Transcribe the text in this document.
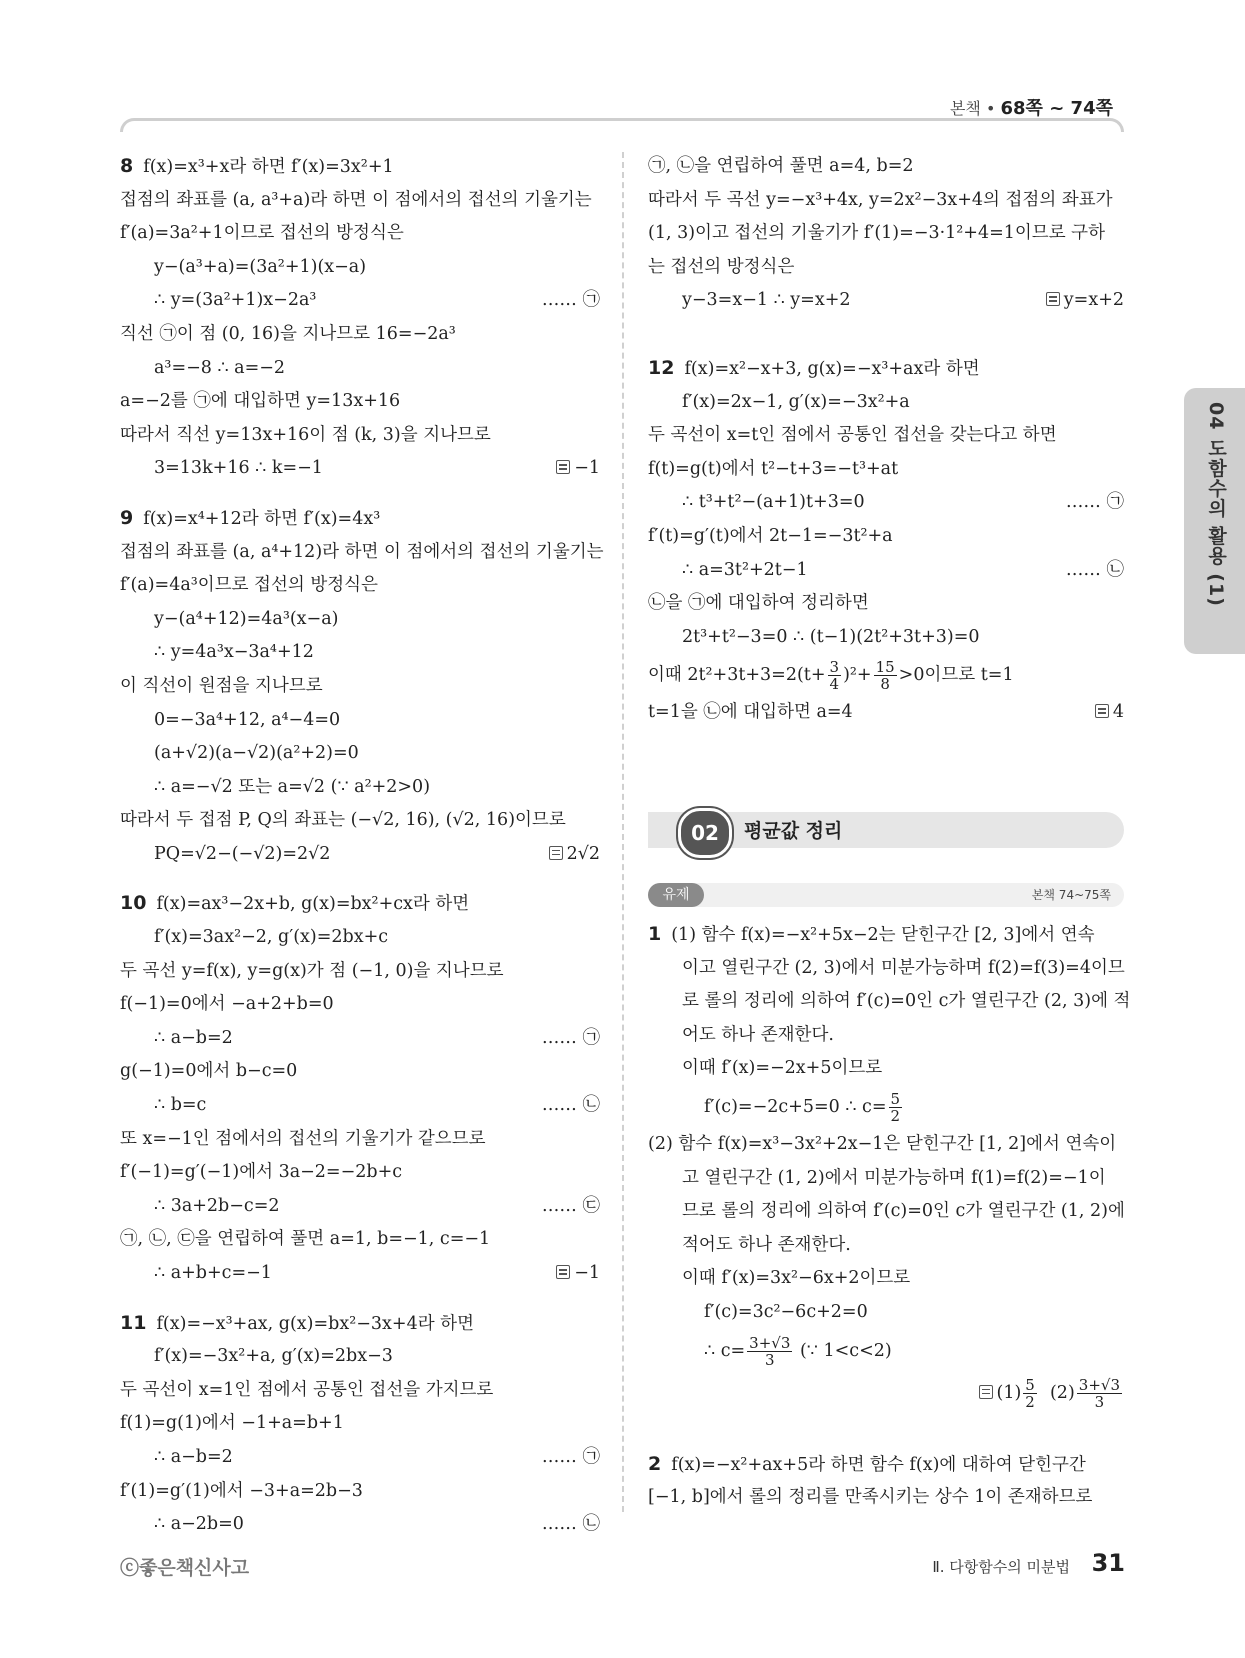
본책 • 68쪽 ~ 74쪽
04 도함수의 활용 (1)
8 f(x)=x³+x라 하면 f′(x)=3x²+1
접점의 좌표를 (a, a³+a)라 하면 이 점에서의 접선의 기울기는
f′(a)=3a²+1이므로 접선의 방정식은
y−(a³+a)=(3a²+1)(x−a)
∴ y=(3a²+1)x−2a³	…… ㉠
직선 ㉠이 점 (0, 16)을 지나므로 16=−2a³
a³=−8 ∴ a=−2
a=−2를 ㉠에 대입하면 y=13x+16
따라서 직선 y=13x+16이 점 (k, 3)을 지나므로
3=13k+16 ∴ k=−1	−1
9 f(x)=x⁴+12라 하면 f′(x)=4x³
접점의 좌표를 (a, a⁴+12)라 하면 이 점에서의 접선의 기울기는
f′(a)=4a³이므로 접선의 방정식은
y−(a⁴+12)=4a³(x−a)
∴ y=4a³x−3a⁴+12
이 직선이 원점을 지나므로
0=−3a⁴+12, a⁴−4=0
(a+√2)(a−√2)(a²+2)=0
∴ a=−√2 또는 a=√2 (∵ a²+2>0)
따라서 두 접점 P, Q의 좌표는 (−√2, 16), (√2, 16)이므로
PQ=√2−(−√2)=2√2	2√2
10 f(x)=ax³−2x+b, g(x)=bx²+cx라 하면
f′(x)=3ax²−2, g′(x)=2bx+c
두 곡선 y=f(x), y=g(x)가 점 (−1, 0)을 지나므로
f(−1)=0에서 −a+2+b=0
∴ a−b=2	…… ㉠
g(−1)=0에서 b−c=0
∴ b=c	…… ㉡
또 x=−1인 점에서의 접선의 기울기가 같으므로
f′(−1)=g′(−1)에서 3a−2=−2b+c
∴ 3a+2b−c=2	…… ㉢
㉠, ㉡, ㉢을 연립하여 풀면 a=1, b=−1, c=−1
∴ a+b+c=−1	−1
11 f(x)=−x³+ax, g(x)=bx²−3x+4라 하면
f′(x)=−3x²+a, g′(x)=2bx−3
두 곡선이 x=1인 점에서 공통인 접선을 가지므로
f(1)=g(1)에서 −1+a=b+1
∴ a−b=2	…… ㉠
f′(1)=g′(1)에서 −3+a=2b−3
∴ a−2b=0	…… ㉡
㉠, ㉡을 연립하여 풀면 a=4, b=2
따라서 두 곡선 y=−x³+4x, y=2x²−3x+4의 접점의 좌표가
(1, 3)이고 접선의 기울기가 f′(1)=−3·1²+4=1이므로 구하
는 접선의 방정식은
y−3=x−1 ∴ y=x+2	y=x+2
12 f(x)=x²−x+3, g(x)=−x³+ax라 하면
f′(x)=2x−1, g′(x)=−3x²+a
두 곡선이 x=t인 점에서 공통인 접선을 갖는다고 하면
f(t)=g(t)에서 t²−t+3=−t³+at
∴ t³+t²−(a+1)t+3=0	…… ㉠
f′(t)=g′(t)에서 2t−1=−3t²+a
∴ a=3t²+2t−1	…… ㉡
㉡을 ㉠에 대입하여 정리하면
2t³+t²−3=0 ∴ (t−1)(2t²+3t+3)=0
이때 $2t^2+3t+3=2(t+ \frac{3}{4} )^2+ \frac{15}{8} >0$이므로 t=1
t=1을 ㉡에 대입하면 a=4	4
02	평균값 정리
유제	본책 74~75쪽
1 (1) 함수 f(x)=−x²+5x−2는 닫힌구간 [2, 3]에서 연속
이고 열린구간 (2, 3)에서 미분가능하며 f(2)=f(3)=4이므
로 롤의 정리에 의하여 f′(c)=0인 c가 열린구간 (2, 3)에 적
어도 하나 존재한다.
이때 f′(x)=−2x+5이므로
f′(c)=−2c+5=0 ∴ $c= \frac{5}{2}$
(2) 함수 f(x)=x³−3x²+2x−1은 닫힌구간 [1, 2]에서 연속이
고 열린구간 (1, 2)에서 미분가능하며 f(1)=f(2)=−1이
므로 롤의 정리에 의하여 f′(c)=0인 c가 열린구간 (1, 2)에
적어도 하나 존재한다.
이때 f′(x)=3x²−6x+2이므로
f′(c)=3c²−6c+2=0
∴ $c= \frac{3+√3}{3}$ (∵ 1<c<2)
$(1) \frac{5}{2} (2) \frac{3+√3}{3}$
2 f(x)=−x²+ax+5라 하면 함수 f(x)에 대하여 닫힌구간
[−1, b]에서 롤의 정리를 만족시키는 상수 1이 존재하므로
ⓒ좋은책신사고	Ⅱ. 다항함수의 미분법 31
